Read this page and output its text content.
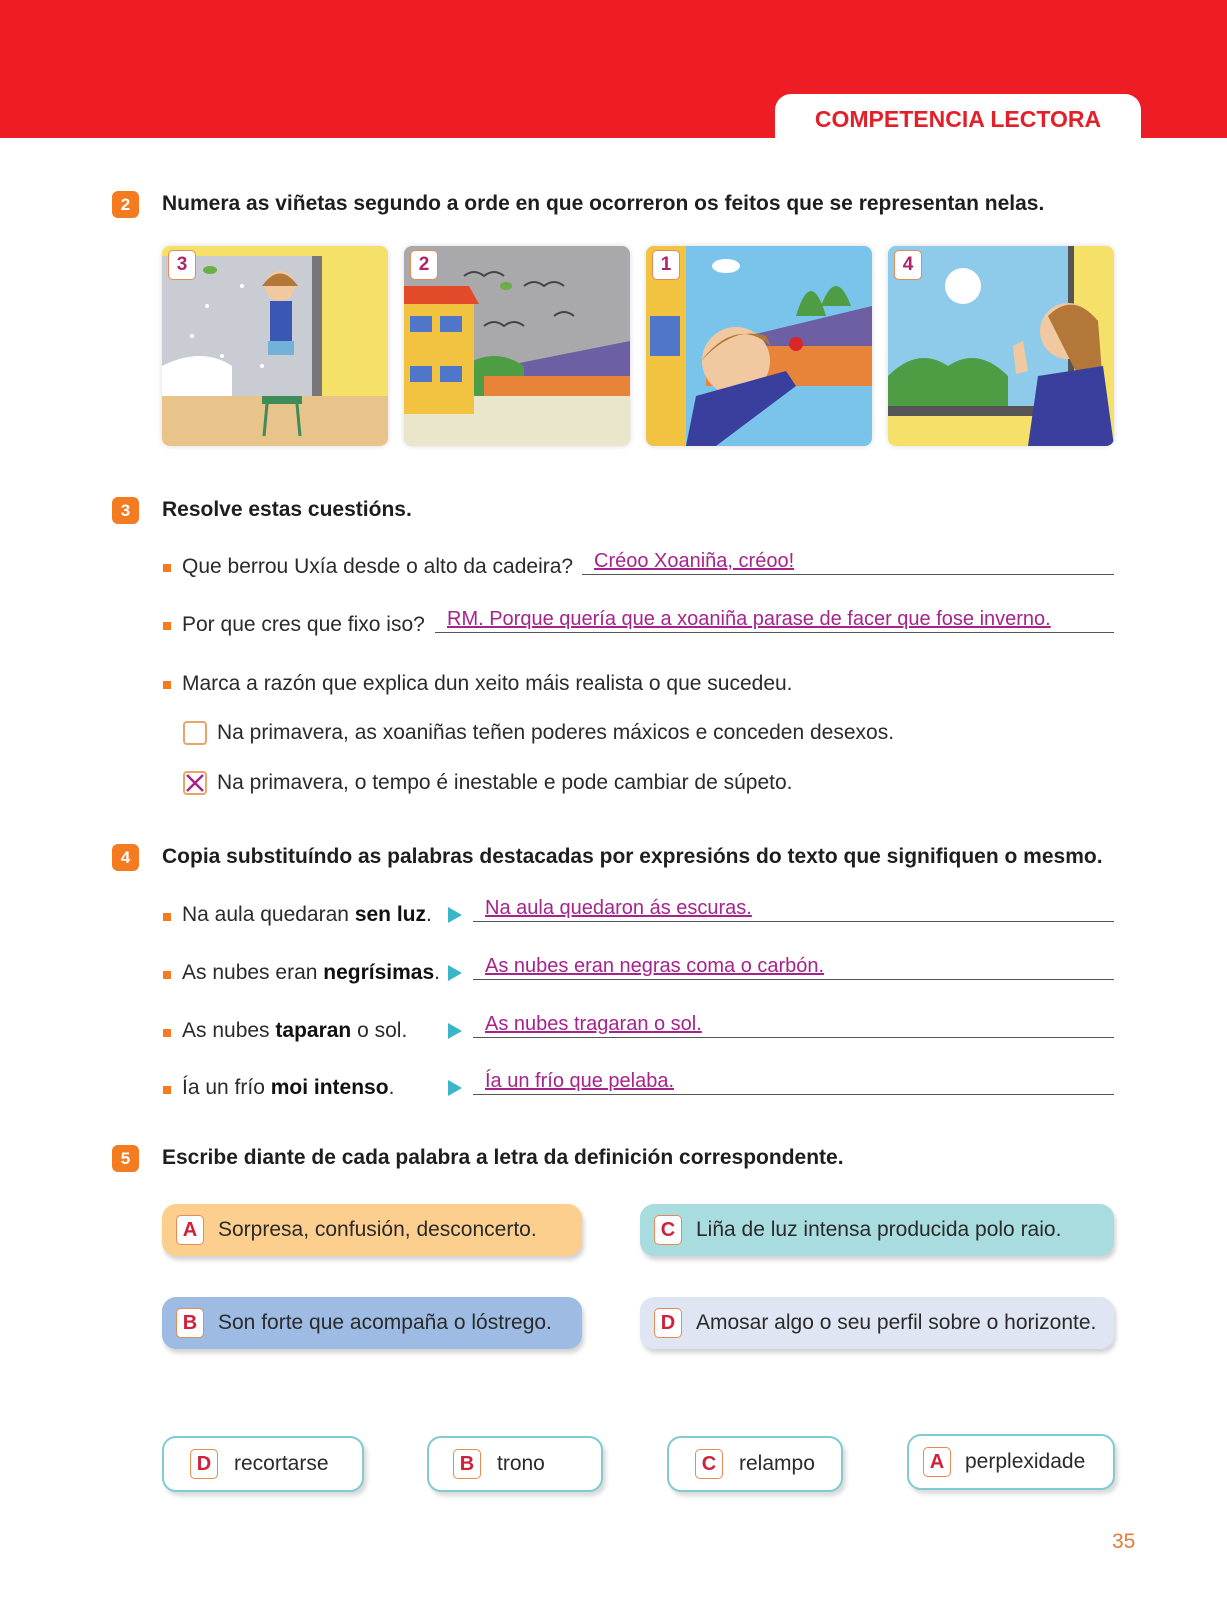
COMPETENCIA LECTORA
2	Numera as viñetas segundo a orde en que ocorreron os feitos que se representan nelas.
3	2	1	4
3	Resolve estas cuestións.
Que berrou Uxía desde o alto da cadeira? Créoo Xoaniña, créoo!
Por que cres que fixo iso? RM. Porque quería que a xoaniña parase de facer que fose inverno.
Marca a razón que explica dun xeito máis realista o que sucedeu.
Na primavera, as xoaniñas teñen poderes máxicos e conceden desexos.
Na primavera, o tempo é inestable e pode cambiar de súpeto.
4	Copia substituíndo as palabras destacadas por expresións do texto que signifiquen o mesmo.
Na aula quedaran sen luz.	Na aula quedaron ás escuras.
As nubes eran negrísimas. As nubes eran negras coma o carbón.
As nubes taparan o sol.	As nubes tragaran o sol.
Ía un frío moi intenso.	Ía un frío que pelaba.
5	Escribe diante de cada palabra a letra da definición correspondente.
A Sorpresa, confusión, desconcerto.	C Liña de luz intensa producida polo raio.
B Son forte que acompaña o lóstrego.	D Amosar algo o seu perfil sobre o horizonte.
D	recortarse	B	trono	C	relampo	A perplexidade
35
